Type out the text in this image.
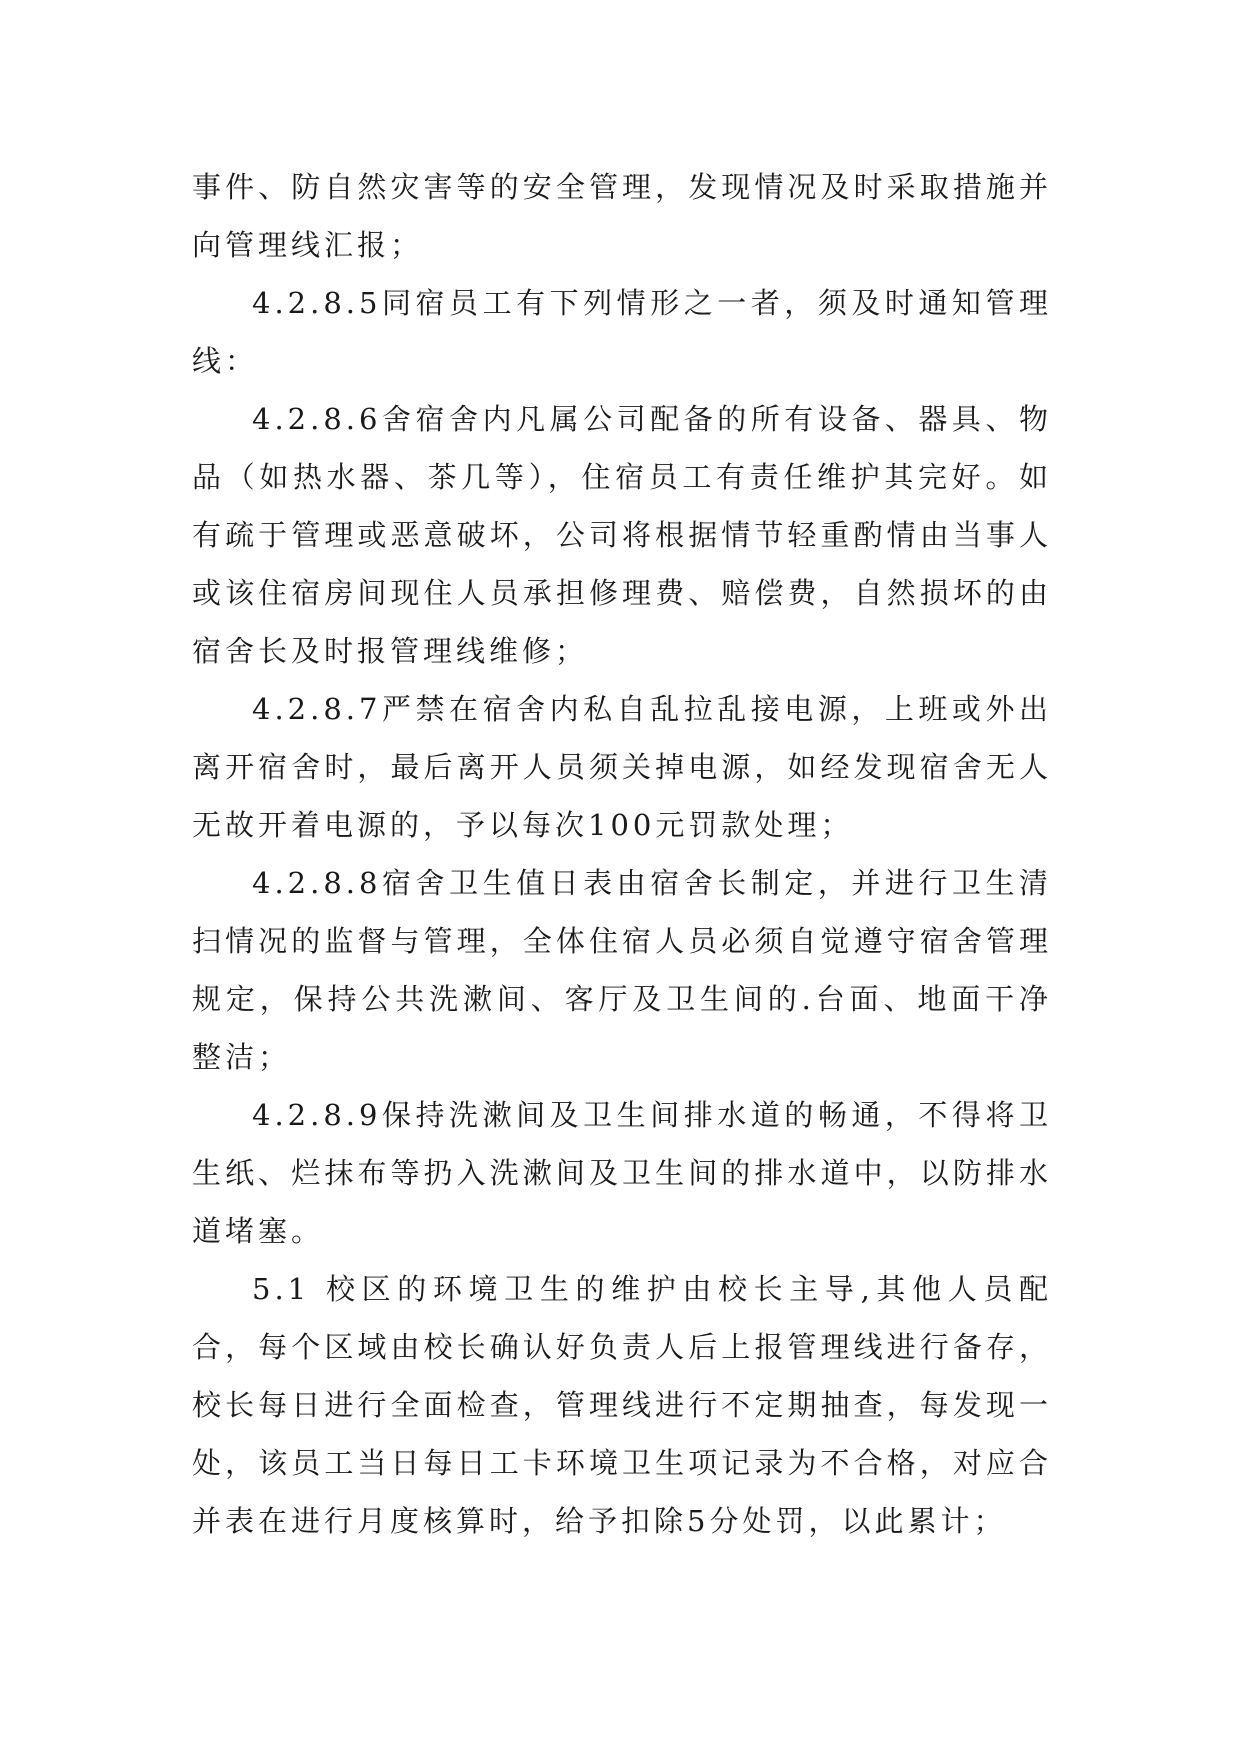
事件、防自然灾害等的安全管理，发现情况及时采取措施并向管理线汇报；

4.2.8.5同宿员工有下列情形之一者，须及时通知管理线：

4.2.8.6舍宿舍内凡属公司配备的所有设备、器具、物品（如热水器、茶几等），住宿员工有责任维护其完好。如有疏于管理或恶意破坏，公司将根据情节轻重酌情由当事人或该住宿房间现住人员承担修理费、赔偿费，自然损坏的由宿舍长及时报管理线维修；

4.2.8.7严禁在宿舍内私自乱拉乱接电源，上班或外出离开宿舍时，最后离开人员须关掉电源，如经发现宿舍无人无故开着电源的，予以每次100元罚款处理；

4.2.8.8宿舍卫生值日表由宿舍长制定，并进行卫生清扫情况的监督与管理，全体住宿人员必须自觉遵守宿舍管理规定，保持公共洗漱间、客厅及卫生间的.台面、地面干净整洁；

4.2.8.9保持洗漱间及卫生间排水道的畅通，不得将卫生纸、烂抹布等扔入洗漱间及卫生间的排水道中，以防排水道堵塞。

5.1 校区的环境卫生的维护由校长主导,其他人员配合，每个区域由校长确认好负责人后上报管理线进行备存，校长每日进行全面检查，管理线进行不定期抽查，每发现一处，该员工当日每日工卡环境卫生项记录为不合格，对应合并表在进行月度核算时，给予扣除5分处罚，以此累计；
